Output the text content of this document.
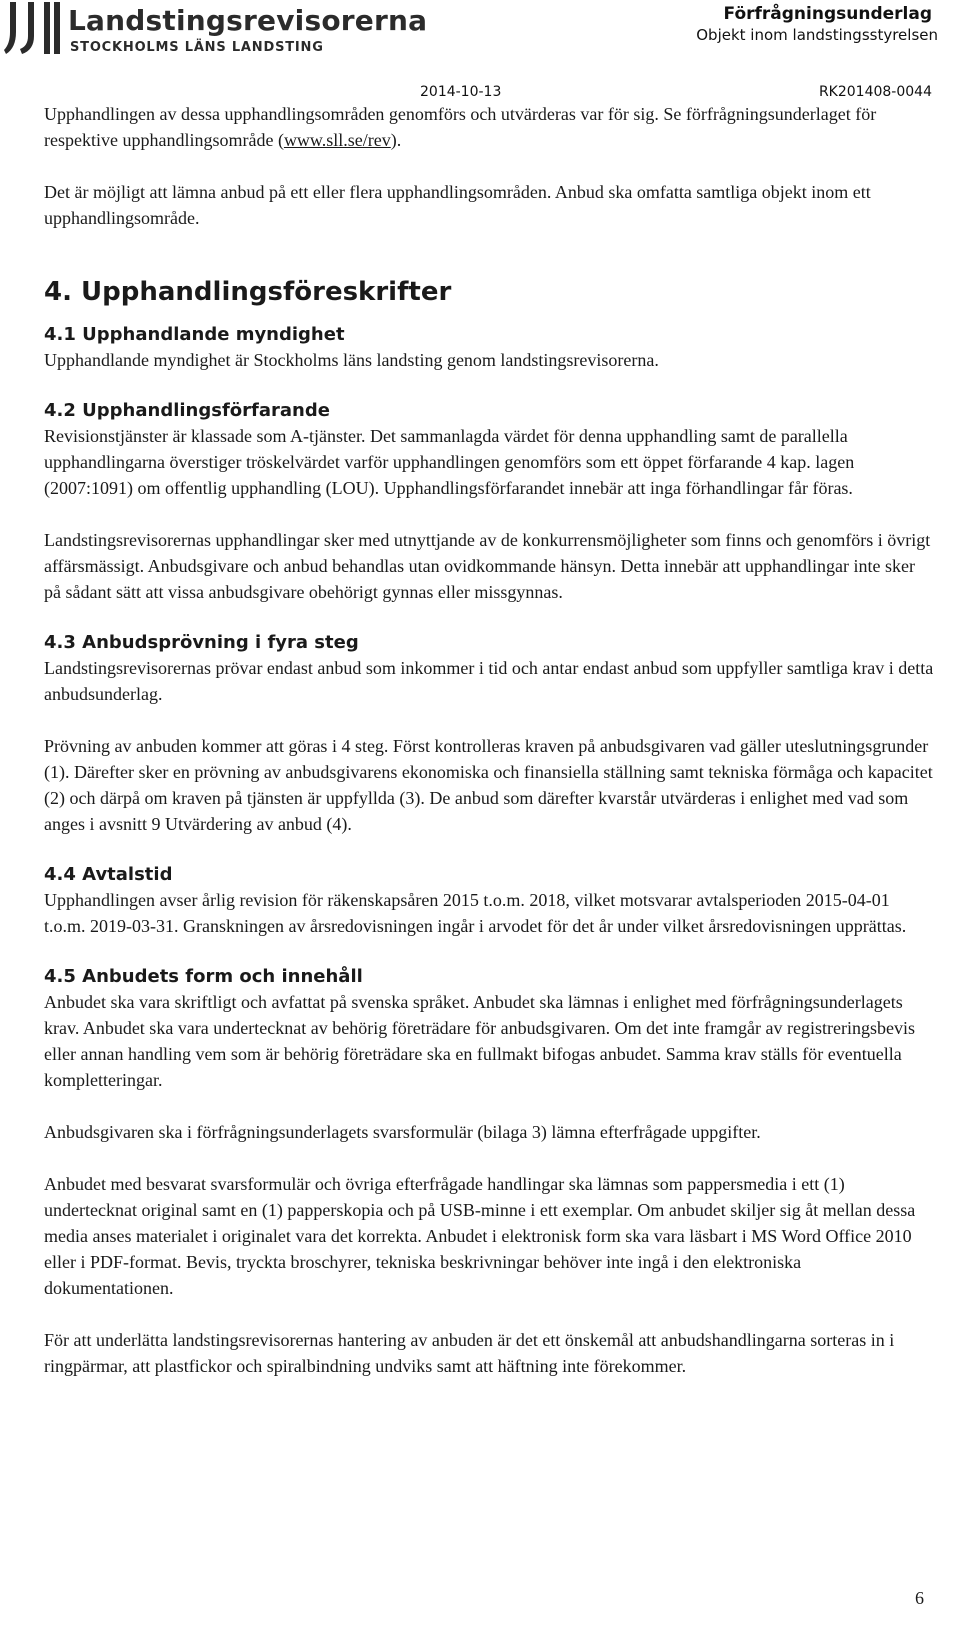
Landstingsrevisorerna
STOCKHOLMS LÄNS LANDSTING
Förfrågningsunderlag
Objekt inom landstingsstyrelsen
2014-10-13	RK201408-0044

Upphandlingen av dessa upphandlingsområden genomförs och utvärderas var för sig. Se förfrågningsunderlaget för respektive upphandlingsområde (www.sll.se/rev).

Det är möjligt att lämna anbud på ett eller flera upphandlingsområden. Anbud ska omfatta samtliga objekt inom ett upphandlingsområde.

4. Upphandlingsföreskrifter
4.1 Upphandlande myndighet

Upphandlande myndighet är Stockholms läns landsting genom landstingsrevisorerna.

4.2 Upphandlingsförfarande

Revisionstjänster är klassade som A-tjänster. Det sammanlagda värdet för denna upphandling samt de parallella upphandlingarna överstiger tröskelvärdet varför upphandlingen genomförs som ett öppet förfarande 4 kap. lagen (2007:1091) om offentlig upphandling (LOU). Upphandlingsförfarandet innebär att inga förhandlingar får föras.

Landstingsrevisorernas upphandlingar sker med utnyttjande av de konkurrensmöjligheter som finns och genomförs i övrigt affärsmässigt. Anbudsgivare och anbud behandlas utan ovidkommande hänsyn. Detta innebär att upphandlingar inte sker på sådant sätt att vissa anbudsgivare obehörigt gynnas eller missgynnas.

4.3 Anbudsprövning i fyra steg

Landstingsrevisorernas prövar endast anbud som inkommer i tid och antar endast anbud som uppfyller samtliga krav i detta anbudsunderlag.

Prövning av anbuden kommer att göras i 4 steg. Först kontrolleras kraven på anbudsgivaren vad gäller uteslutningsgrunder (1). Därefter sker en prövning av anbudsgivarens ekonomiska och finansiella ställning samt tekniska förmåga och kapacitet (2) och därpå om kraven på tjänsten är uppfyllda (3). De anbud som därefter kvarstår utvärderas i enlighet med vad som anges i avsnitt 9 Utvärdering av anbud (4).

4.4 Avtalstid

Upphandlingen avser årlig revision för räkenskapsåren 2015 t.o.m. 2018, vilket motsvarar avtalsperioden 2015-04-01 t.o.m. 2019-03-31. Granskningen av årsredovisningen ingår i arvodet för det år under vilket årsredovisningen upprättas.

4.5 Anbudets form och innehåll

Anbudet ska vara skriftligt och avfattat på svenska språket. Anbudet ska lämnas i enlighet med förfrågningsunderlagets krav. Anbudet ska vara undertecknat av behörig företrädare för anbudsgivaren. Om det inte framgår av registreringsbevis eller annan handling vem som är behörig företrädare ska en fullmakt bifogas anbudet. Samma krav ställs för eventuella kompletteringar.

Anbudsgivaren ska i förfrågningsunderlagets svarsformulär (bilaga 3) lämna efterfrågade uppgifter.

Anbudet med besvarat svarsformulär och övriga efterfrågade handlingar ska lämnas som pappersmedia i ett (1) undertecknat original samt en (1) papperskopia och på USB-minne i ett exemplar. Om anbudet skiljer sig åt mellan dessa media anses materialet i originalet vara det korrekta. Anbudet i elektronisk form ska vara läsbart i MS Word Office 2010 eller i PDF-format. Bevis, tryckta broschyrer, tekniska beskrivningar behöver inte ingå i den elektroniska dokumentationen.

För att underlätta landstingsrevisorernas hantering av anbuden är det ett önskemål att anbudshandlingarna sorteras in i ringpärmar, att plastfickor och spiralbindning undviks samt att häftning inte förekommer.

6
